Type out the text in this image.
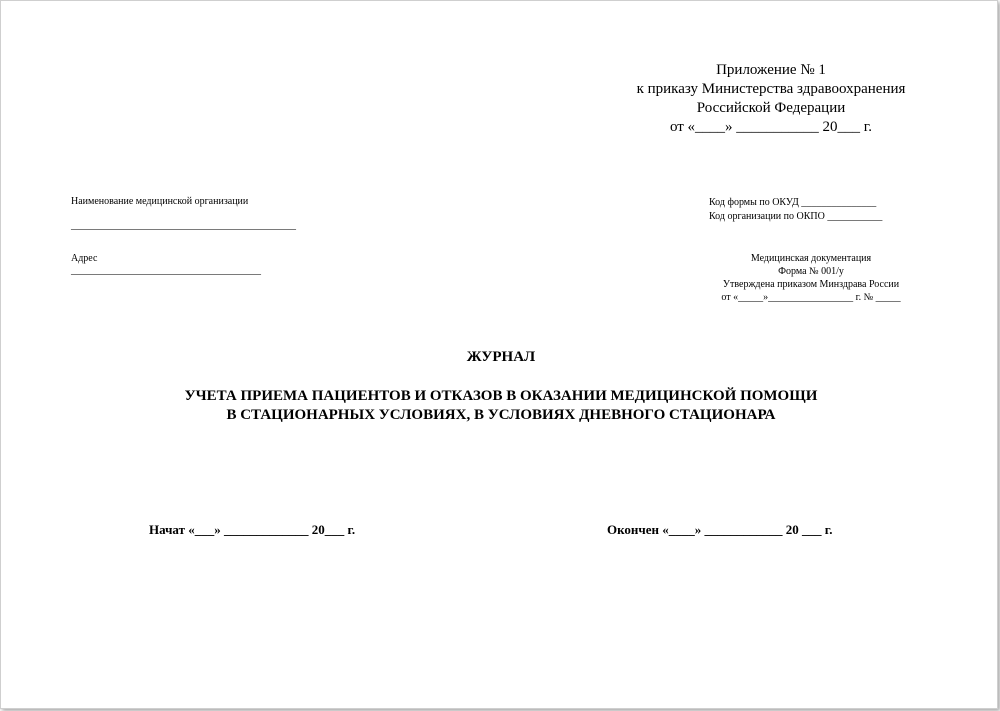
Приложение № 1
к приказу Министерства здравоохранения
Российской Федерации
от «____» ___________ 20___ г.
Наименование медицинской организации
_____________________________________________
Адрес
______________________________________
Код формы по ОКУД _______________
Код организации по ОКПО ___________
Медицинская документация
Форма № 001/у
Утверждена приказом Минздрава России
от «_____»_________________ г. № _____
ЖУРНАЛ
УЧЕТА ПРИЕМА ПАЦИЕНТОВ И ОТКАЗОВ В ОКАЗАНИИ МЕДИЦИНСКОЙ ПОМОЩИ
В СТАЦИОНАРНЫХ УСЛОВИЯХ, В УСЛОВИЯХ ДНЕВНОГО СТАЦИОНАРА
Начат «___» _____________ 20___ г.	Окончен «____» ____________ 20 ___ г.
